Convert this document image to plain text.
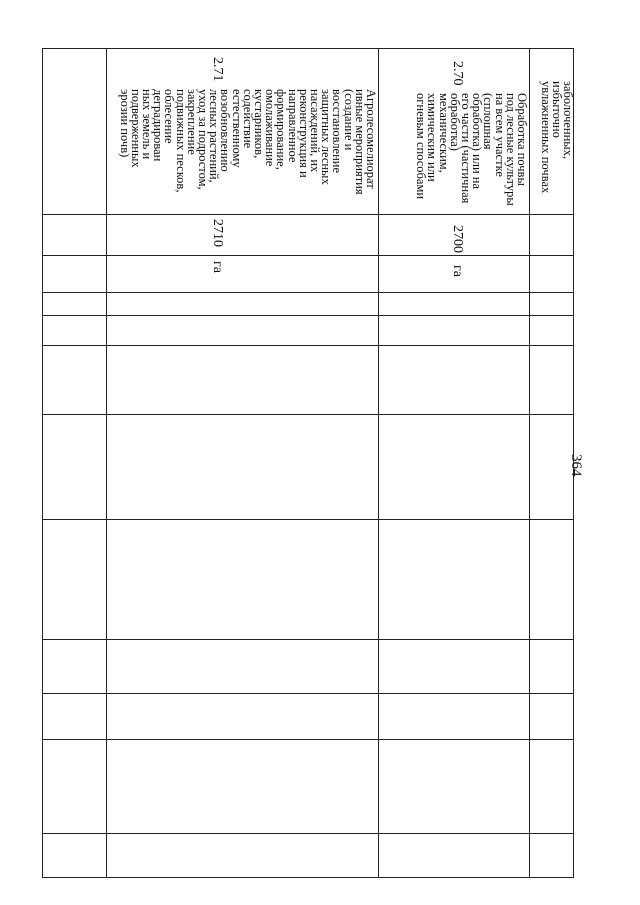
364
заболоченных,
избыточно
увлажненных почвах
2.70
Обработка почвы
под лесные культуры
на всем участке
(сплошная
обработка) или на
его части (частичная
обработка)
механическим,
химическим или
огневым способами
2700
га
2.71
Агролесомелиорат
ивные мероприятия
(создание и
восстановление
защитных лесных
насаждений, их
реконструкция и
направленное
формирование,
омолаживание
кустарников,
содействие
естественному
возобновлению
лесных растений,
уход за подростом,
закрепление
подвижных песков,
облесение
деградирован
ных земель и
подверженных
эрозии почв)
2710
га
